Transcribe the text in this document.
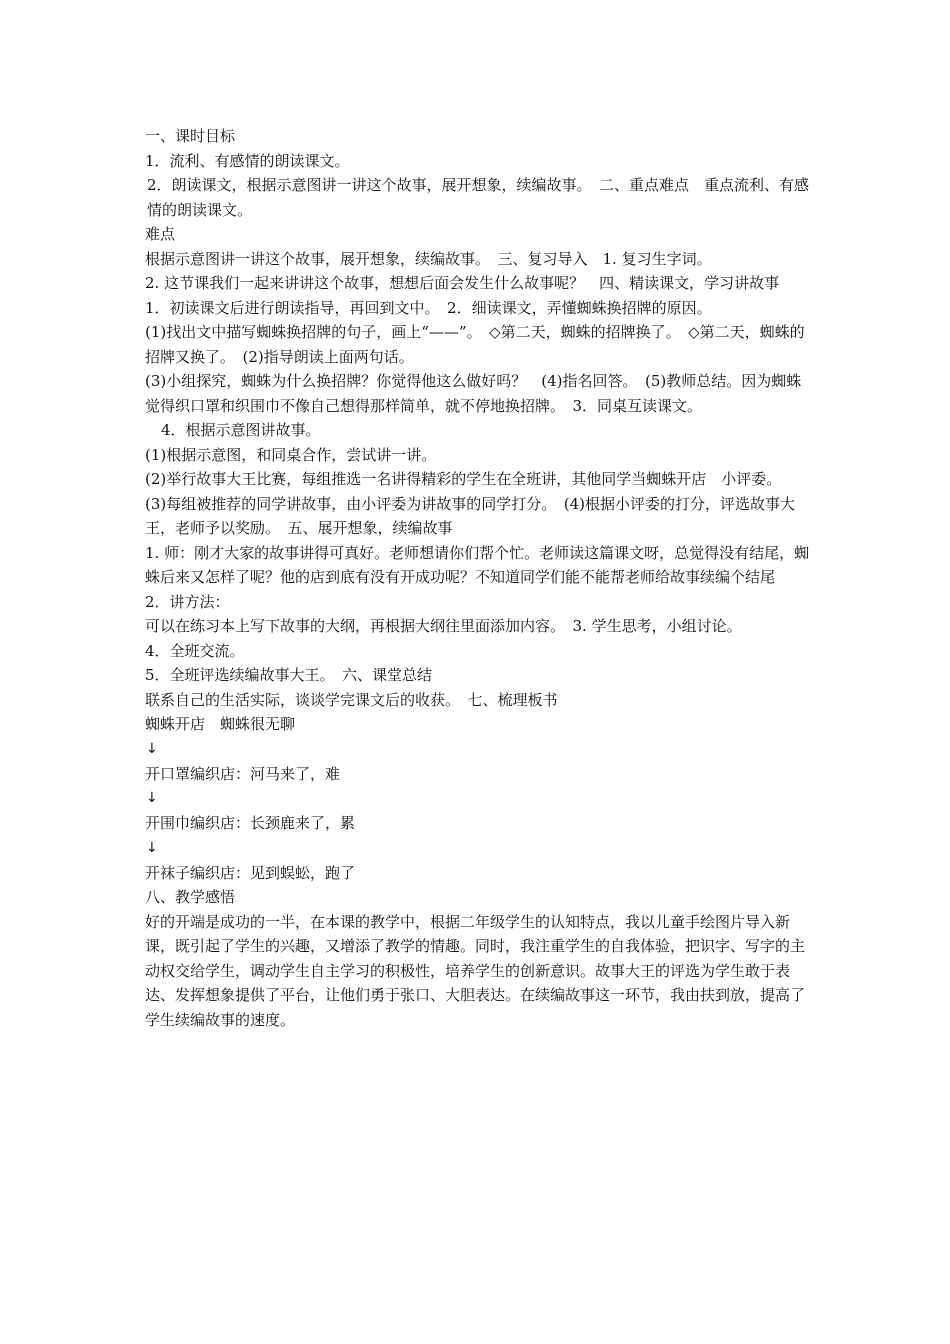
一、课时目标

1．流利、有感情的朗读课文。

2．朗读课文，根据示意图讲一讲这个故事，展开想象，续编故事。　二、重点难点　重点流利、有感情的朗读课文。

难点

根据示意图讲一讲这个故事，展开想象，续编故事。　三、复习导入　1. 复习生字词。

2. 这节课我们一起来讲讲这个故事，想想后面会发生什么故事呢？　四、精读课文，学习讲故事

1．初读课文后进行朗读指导，再回到文中。　2．细读课文，弄懂蜘蛛换招牌的原因。

(1)找出文中描写蜘蛛换招牌的句子，画上“——”。　◇第二天，蜘蛛的招牌换了。　◇第二天，蜘蛛的招牌又换了。　(2)指导朗读上面两句话。

(3)小组探究，蜘蛛为什么换招牌？你觉得他这么做好吗？　(4)指名回答。　(5)教师总结。因为蜘蛛觉得织口罩和织围巾不像自己想得那样简单，就不停地换招牌。　3．同桌互读课文。

4．根据示意图讲故事。

(1)根据示意图，和同桌合作，尝试讲一讲。

(2)举行故事大王比赛，每组推选一名讲得精彩的学生在全班讲，其他同学当蜘蛛开店　小评委。

(3)每组被推荐的同学讲故事，由小评委为讲故事的同学打分。　(4)根据小评委的打分，评选故事大王，老师予以奖励。　五、展开想象，续编故事

1. 师：刚才大家的故事讲得可真好。老师想请你们帮个忙。老师读这篇课文呀，总觉得没有结尾，蜘蛛后来又怎样了呢？他的店到底有没有开成功呢？不知道同学们能不能帮老师给故事续编个结尾

2．讲方法：

可以在练习本上写下故事的大纲，再根据大纲往里面添加内容。　3. 学生思考，小组讨论。

4．全班交流。

5．全班评选续编故事大王。　六、课堂总结

联系自己的生活实际，谈谈学完课文后的收获。　七、梳理板书

蜘蛛开店　蜘蛛很无聊

↓

开口罩编织店：河马来了，难

↓

开围巾编织店：长颈鹿来了，累

↓

开袜子编织店：见到蜈蚣，跑了

八、教学感悟

好的开端是成功的一半，在本课的教学中，根据二年级学生的认知特点，我以儿童手绘图片导入新课，既引起了学生的兴趣，又增添了教学的情趣。同时，我注重学生的自我体验，把识字、写字的主动权交给学生，调动学生自主学习的积极性，培养学生的创新意识。故事大王的评选为学生敢于表达、发挥想象提供了平台，让他们勇于张口、大胆表达。在续编故事这一环节，我由扶到放，提高了学生续编故事的速度。
